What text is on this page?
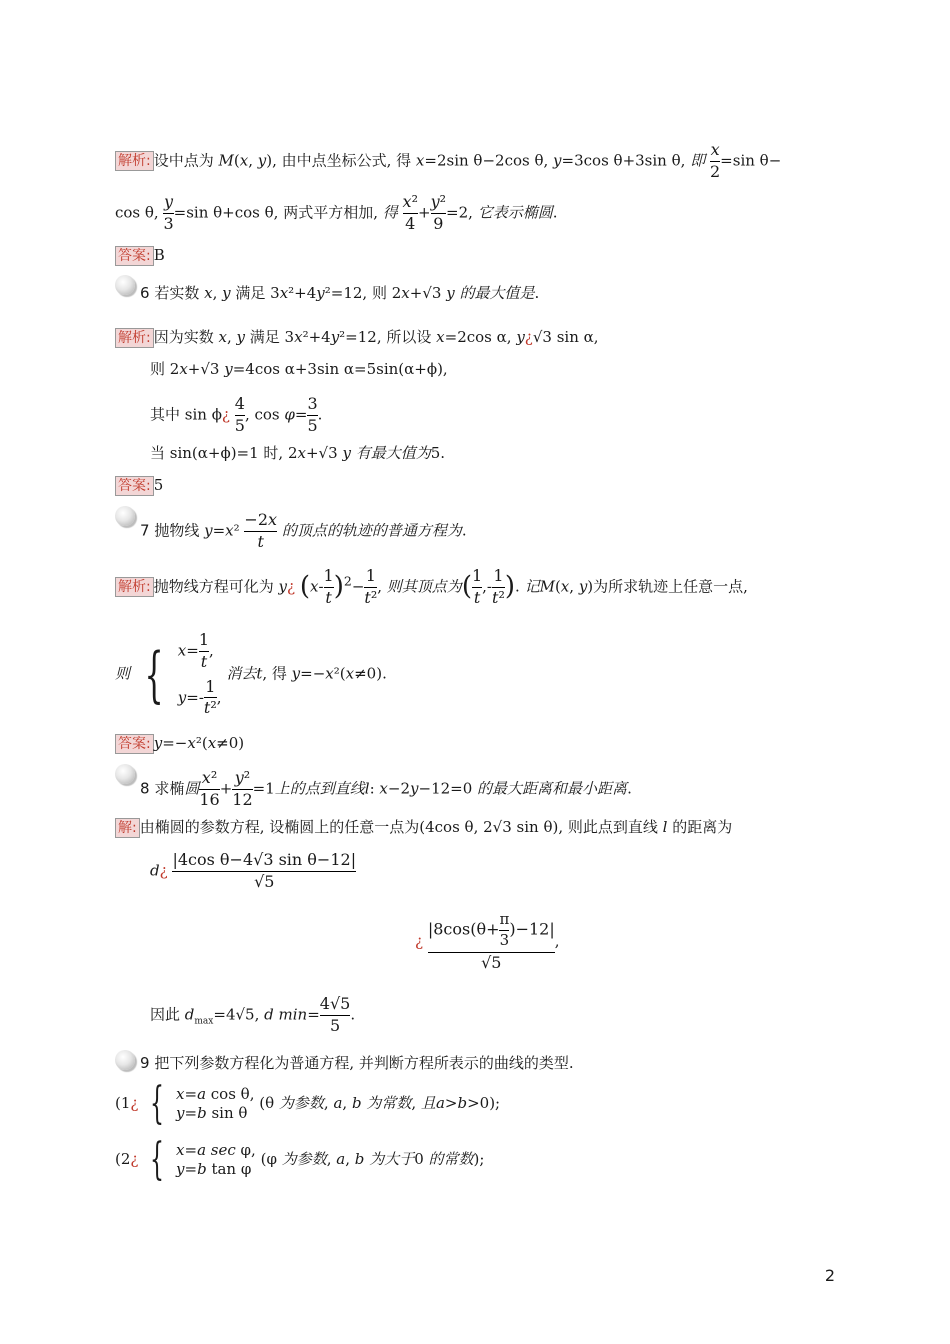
解析: 设中点为 M(x, y), 由中点坐标公式, 得 x=2sin θ−2cos θ, y=3cos θ+3sin θ, 即 $\frac{x}{2} =\sin$ θ−
cos θ, $\frac{y}{3} =\sin$ θ+cos θ, 两式平方相加, 得 $\frac{\text{x²}}{4} + \frac{\text{y²}}{9} =2$, 它表示椭圆.
答案: B
6 若实数 x, y 满足 3x²+4y²=12, 则 2x+√3 y 的最大值是.
解析: 因为实数 x, y 满足 3x²+4y²=12, 所以设 x=2cos α, y¿√3 sin α,
则 2x+√3 y=4cos α+3sin α=5sin(α+ϕ),
其中 sin ϕ¿ $\frac{4}{5}$ , $\cos \varphi= \frac{3}{5}$ .
当 sin(α+ϕ)=1 时, 2x+√3 y 有最大值为5.
答案: 5
7 抛物线 $y=x^2 \frac{-2x}{t}$ 的顶点的轨迹的普通方程为.
解析: 抛物线方程可化为 y¿ $(x- \frac{1}{t} )^2- \frac{1}{\text{t²}}$ , 则其顶点为( $\frac{1}{t}$ ,- $\frac{1}{\text{t²}}$ ). 记M(x, y)为所求轨迹上任意一点,
则 { $x= \frac{1}{t}$ ,
$y=- \frac{1}{\text{t²}}$ ,
消去t, 得 y=−x²(x≠0).
答案: y=−x²(x≠0)
8 求椭圆 $\frac{\text{x²}}{16} + \frac{\text{y²}}{12} =1$上的点到直线l: x−2y−12=0 的最大距离和最小距离.
解: 由椭圆的参数方程, 设椭圆上的任意一点为(4cos θ, 2√3 sin θ), 则此点到直线 l 的距离为
d¿ $\frac{\text{|4cos θ−4√3 sin θ−12|}}{√5}$
¿ $\frac{|8\cos(\theta+ \frac{\pi}{3} )-12|}{√5}$ ,
因此 $d_{max}=4√5$, d $\min= \frac{4√5}{5}$ .
9 把下列参数方程化为普通方程, 并判断方程所表示的曲线的类型.
(1¿ { x=a cos θ,
y=b sin θ
(θ 为参数, a, b 为常数, 且a>b>0);
(2¿ { x=a sec φ,
y=b tan φ
(φ 为参数, a, b 为大于0 的常数);
2
